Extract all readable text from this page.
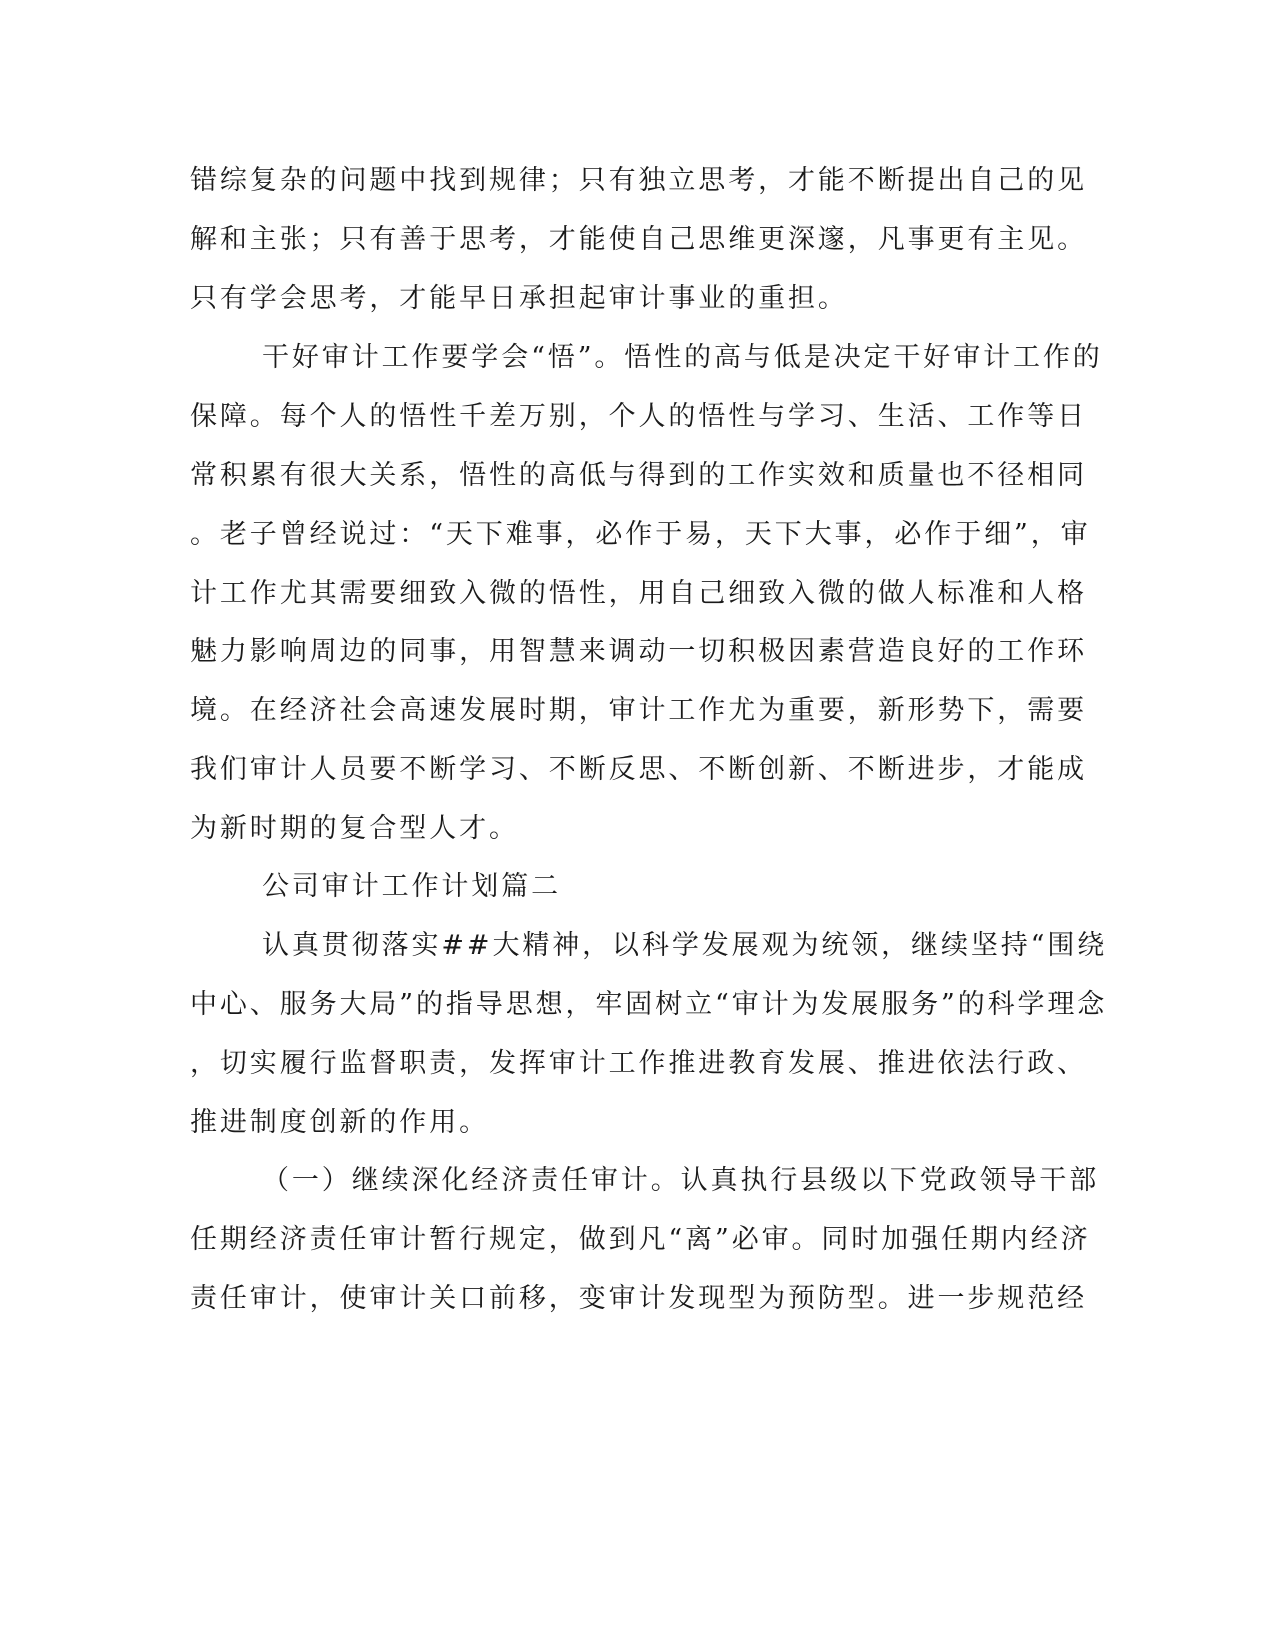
错综复杂的问题中找到规律；只有独立思考，才能不断提出自己的见

解和主张；只有善于思考，才能使自己思维更深邃，凡事更有主见。

只有学会思考，才能早日承担起审计事业的重担。

干好审计工作要学会“悟”。悟性的高与低是决定干好审计工作的

保障。每个人的悟性千差万别，个人的悟性与学习、生活、工作等日

常积累有很大关系，悟性的高低与得到的工作实效和质量也不径相同

。老子曾经说过：“天下难事，必作于易，天下大事，必作于细”，审

计工作尤其需要细致入微的悟性，用自己细致入微的做人标准和人格

魅力影响周边的同事，用智慧来调动一切积极因素营造良好的工作环

境。在经济社会高速发展时期，审计工作尤为重要，新形势下，需要

我们审计人员要不断学习、不断反思、不断创新、不断进步，才能成

为新时期的复合型人才。

公司审计工作计划篇二

认真贯彻落实##大精神，以科学发展观为统领，继续坚持“围绕

中心、服务大局”的指导思想，牢固树立“审计为发展服务”的科学理念

，切实履行监督职责，发挥审计工作推进教育发展、推进依法行政、

推进制度创新的作用。

（一）继续深化经济责任审计。认真执行县级以下党政领导干部

任期经济责任审计暂行规定，做到凡“离”必审。同时加强任期内经济

责任审计，使审计关口前移，变审计发现型为预防型。进一步规范经
